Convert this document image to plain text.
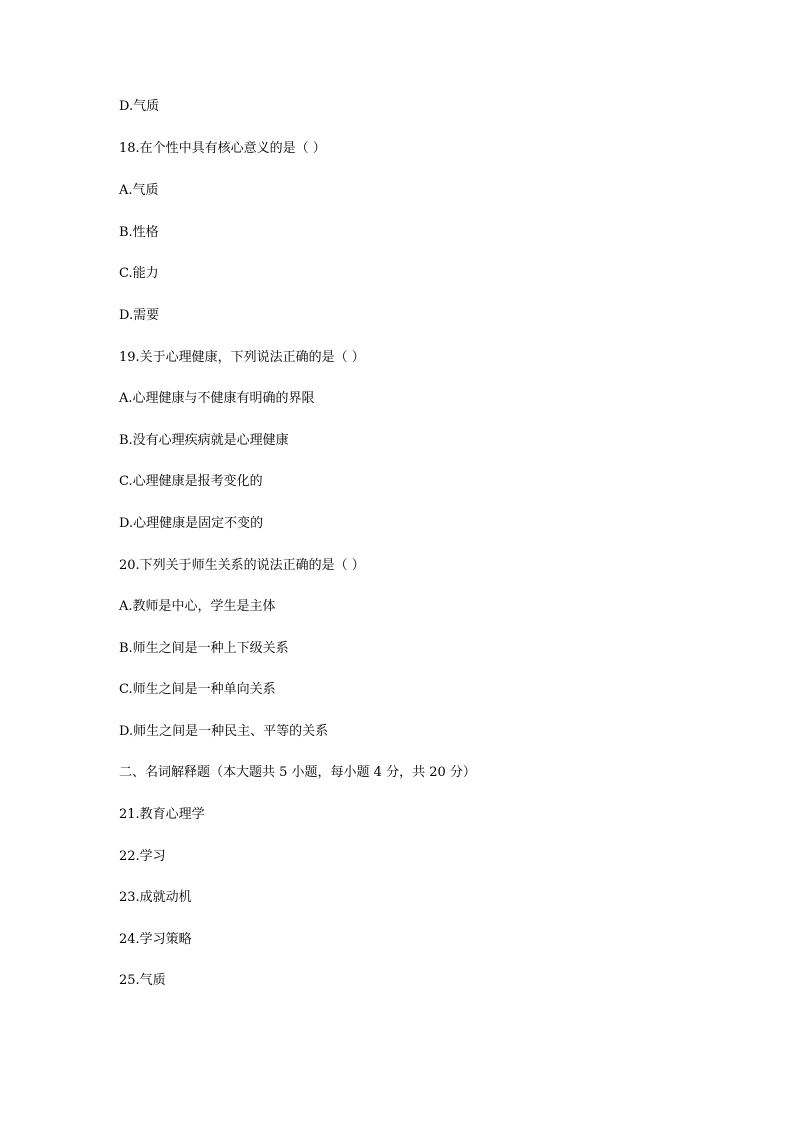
D.气质
18.在个性中具有核心意义的是（ ）
A.气质
B.性格
C.能力
D.需要
19.关于心理健康，下列说法正确的是（ ）
A.心理健康与不健康有明确的界限
B.没有心理疾病就是心理健康
C.心理健康是报考变化的
D.心理健康是固定不变的
20.下列关于师生关系的说法正确的是（ ）
A.教师是中心，学生是主体
B.师生之间是一种上下级关系
C.师生之间是一种单向关系
D.师生之间是一种民主、平等的关系
二、名词解释题（本大题共 5 小题，每小题 4 分，共 20 分）
21.教育心理学
22.学习
23.成就动机
24.学习策略
25.气质
